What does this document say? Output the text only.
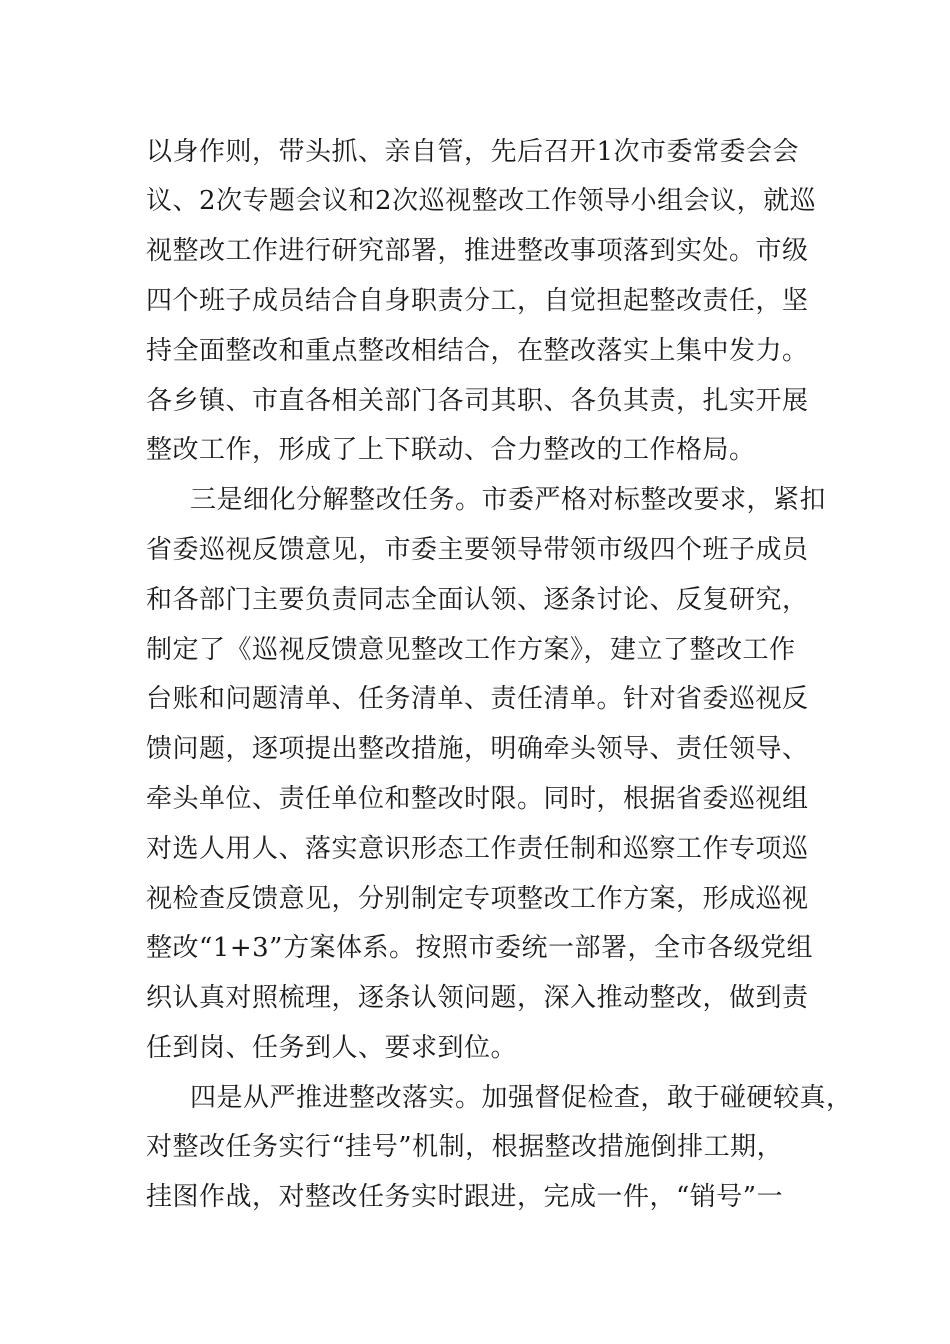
以身作则，带头抓、亲自管，先后召开1次市委常委会会
议、2次专题会议和2次巡视整改工作领导小组会议，就巡
视整改工作进行研究部署，推进整改事项落到实处。市级
四个班子成员结合自身职责分工，自觉担起整改责任，坚
持全面整改和重点整改相结合，在整改落实上集中发力。
各乡镇、市直各相关部门各司其职、各负其责，扎实开展
整改工作，形成了上下联动、合力整改的工作格局。
三是细化分解整改任务。市委严格对标整改要求，紧扣
省委巡视反馈意见，市委主要领导带领市级四个班子成员
和各部门主要负责同志全面认领、逐条讨论、反复研究，
制定了《巡视反馈意见整改工作方案》，建立了整改工作
台账和问题清单、任务清单、责任清单。针对省委巡视反
馈问题，逐项提出整改措施，明确牵头领导、责任领导、
牵头单位、责任单位和整改时限。同时，根据省委巡视组
对选人用人、落实意识形态工作责任制和巡察工作专项巡
视检查反馈意见，分别制定专项整改工作方案，形成巡视
整改“1+3”方案体系。按照市委统一部署，全市各级党组
织认真对照梳理，逐条认领问题，深入推动整改，做到责
任到岗、任务到人、要求到位。
四是从严推进整改落实。加强督促检查，敢于碰硬较真，
对整改任务实行“挂号”机制，根据整改措施倒排工期，
挂图作战，对整改任务实时跟进，完成一件，“销号”一
